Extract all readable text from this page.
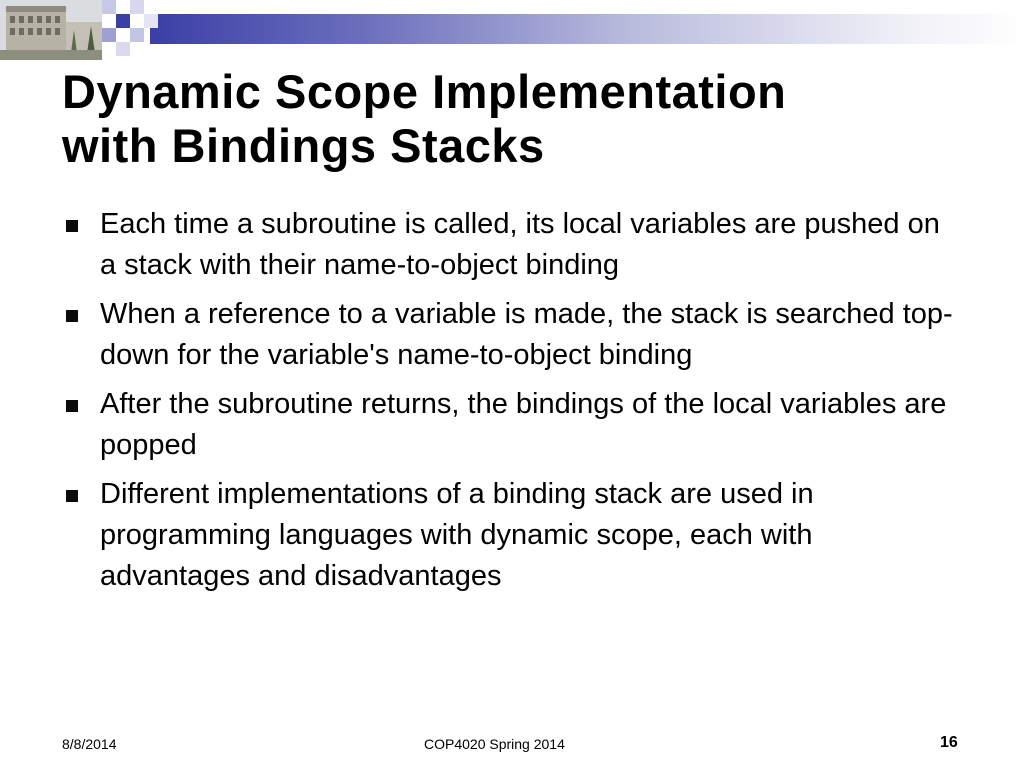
Dynamic Scope Implementation
with Bindings Stacks
Each time a subroutine is called, its local variables are pushed on a stack with their name-to-object binding
When a reference to a variable is made, the stack is searched top-down for the variable's name-to-object binding
After the subroutine returns, the bindings of the local variables are popped
Different implementations of a binding stack are used in programming languages with dynamic scope, each with advantages and disadvantages
8/8/2014	COP4020 Spring 2014	16
